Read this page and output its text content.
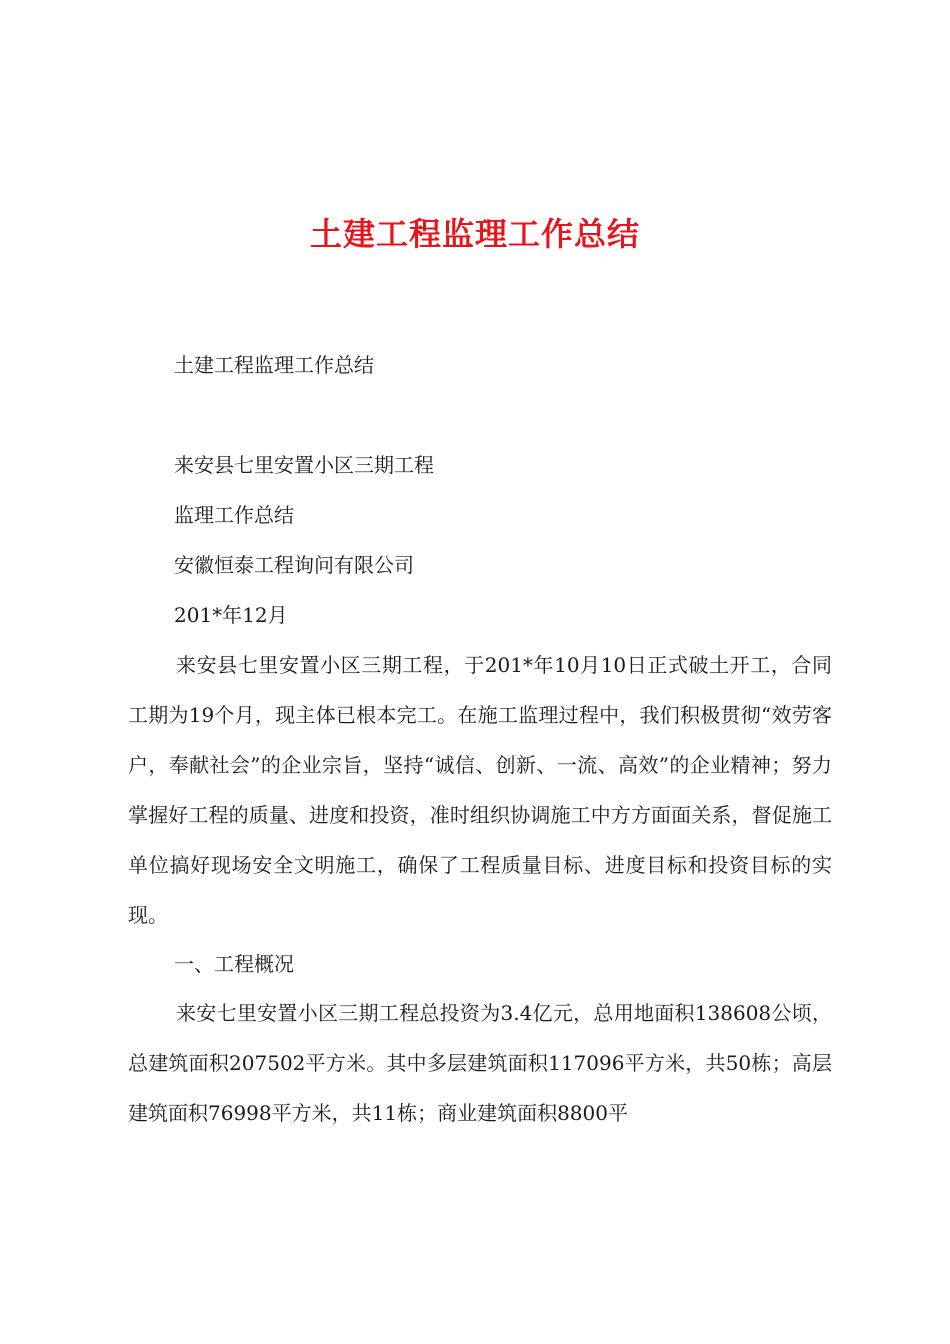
土建工程监理工作总结

土建工程监理工作总结

来安县七里安置小区三期工程

监理工作总结

安徽恒泰工程询问有限公司

201*年12月

来安县七里安置小区三期工程，于201*年10月10日正式破土开工，合同工期为19个月，现主体已根本完工。在施工监理过程中，我们积极贯彻“效劳客户，奉献社会”的企业宗旨，坚持“诚信、创新、一流、高效”的企业精神；努力掌握好工程的质量、进度和投资，准时组织协调施工中方方面面关系，督促施工单位搞好现场安全文明施工，确保了工程质量目标、进度目标和投资目标的实现。

一、工程概况

来安七里安置小区三期工程总投资为3.4亿元，总用地面积138608公顷，总建筑面积207502平方米。其中多层建筑面积117096平方米，共50栋；高层建筑面积76998平方米，共11栋；商业建筑面积8800平
